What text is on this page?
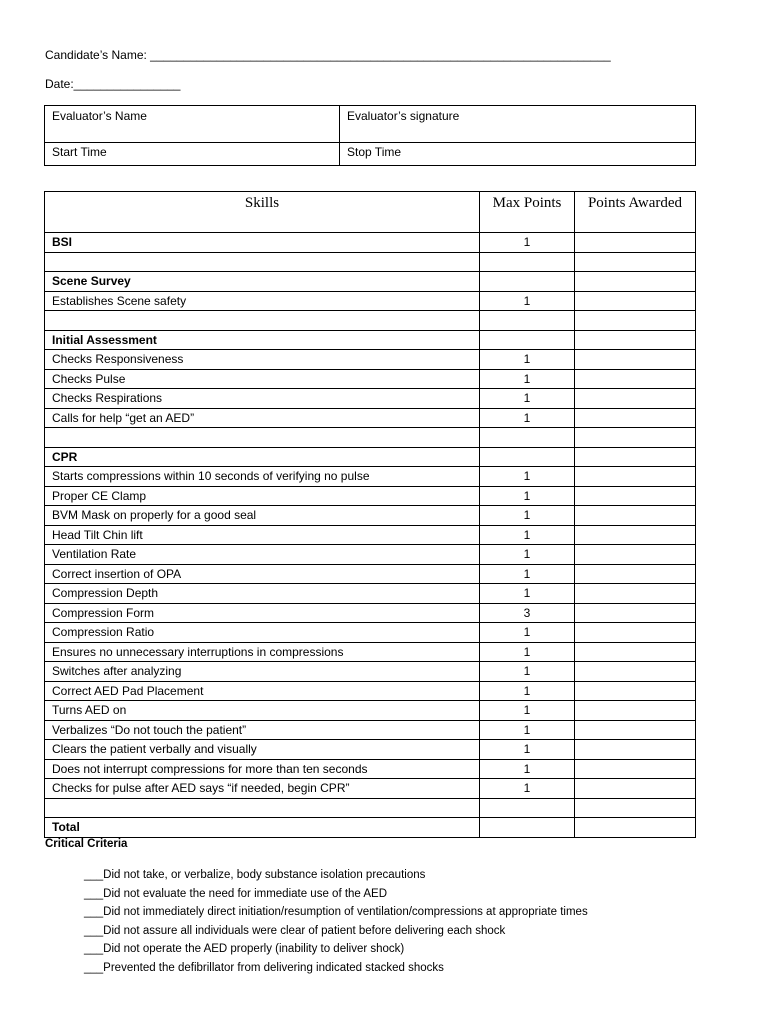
Candidate’s Name: _____________________________________________________________________
Date:________________
Evaluator’s Name	Evaluator’s signature
Start Time	Stop Time
Skills	Max Points	Points Awarded
BSI	1	

Scene Survey		
Establishes Scene safety	1	

Initial Assessment		
Checks Responsiveness	1	
Checks Pulse	1	
Checks Respirations	1	
Calls for help “get an AED”	1	

CPR		
Starts compressions within 10 seconds of verifying no pulse	1	
Proper CE Clamp	1	
BVM Mask on properly for a good seal	1	
Head Tilt Chin lift	1	
Ventilation Rate	1	
Correct insertion of OPA	1	
Compression Depth	1	
Compression Form	3	
Compression Ratio	1	
Ensures no unnecessary interruptions in compressions	1	
Switches after analyzing	1	
Correct AED Pad Placement	1	
Turns AED on	1	
Verbalizes “Do not touch the patient”	1	
Clears the patient verbally and visually	1	
Does not interrupt compressions for more than ten seconds	1	
Checks for pulse after AED says “if needed, begin CPR”	1	

Total		
Critical Criteria
___Did not take, or verbalize, body substance isolation precautions
___Did not evaluate the need for immediate use of the AED
___Did not immediately direct initiation/resumption of ventilation/compressions at appropriate times
___Did not assure all individuals were clear of patient before delivering each shock
___Did not operate the AED properly (inability to deliver shock)
___Prevented the defibrillator from delivering indicated stacked shocks
